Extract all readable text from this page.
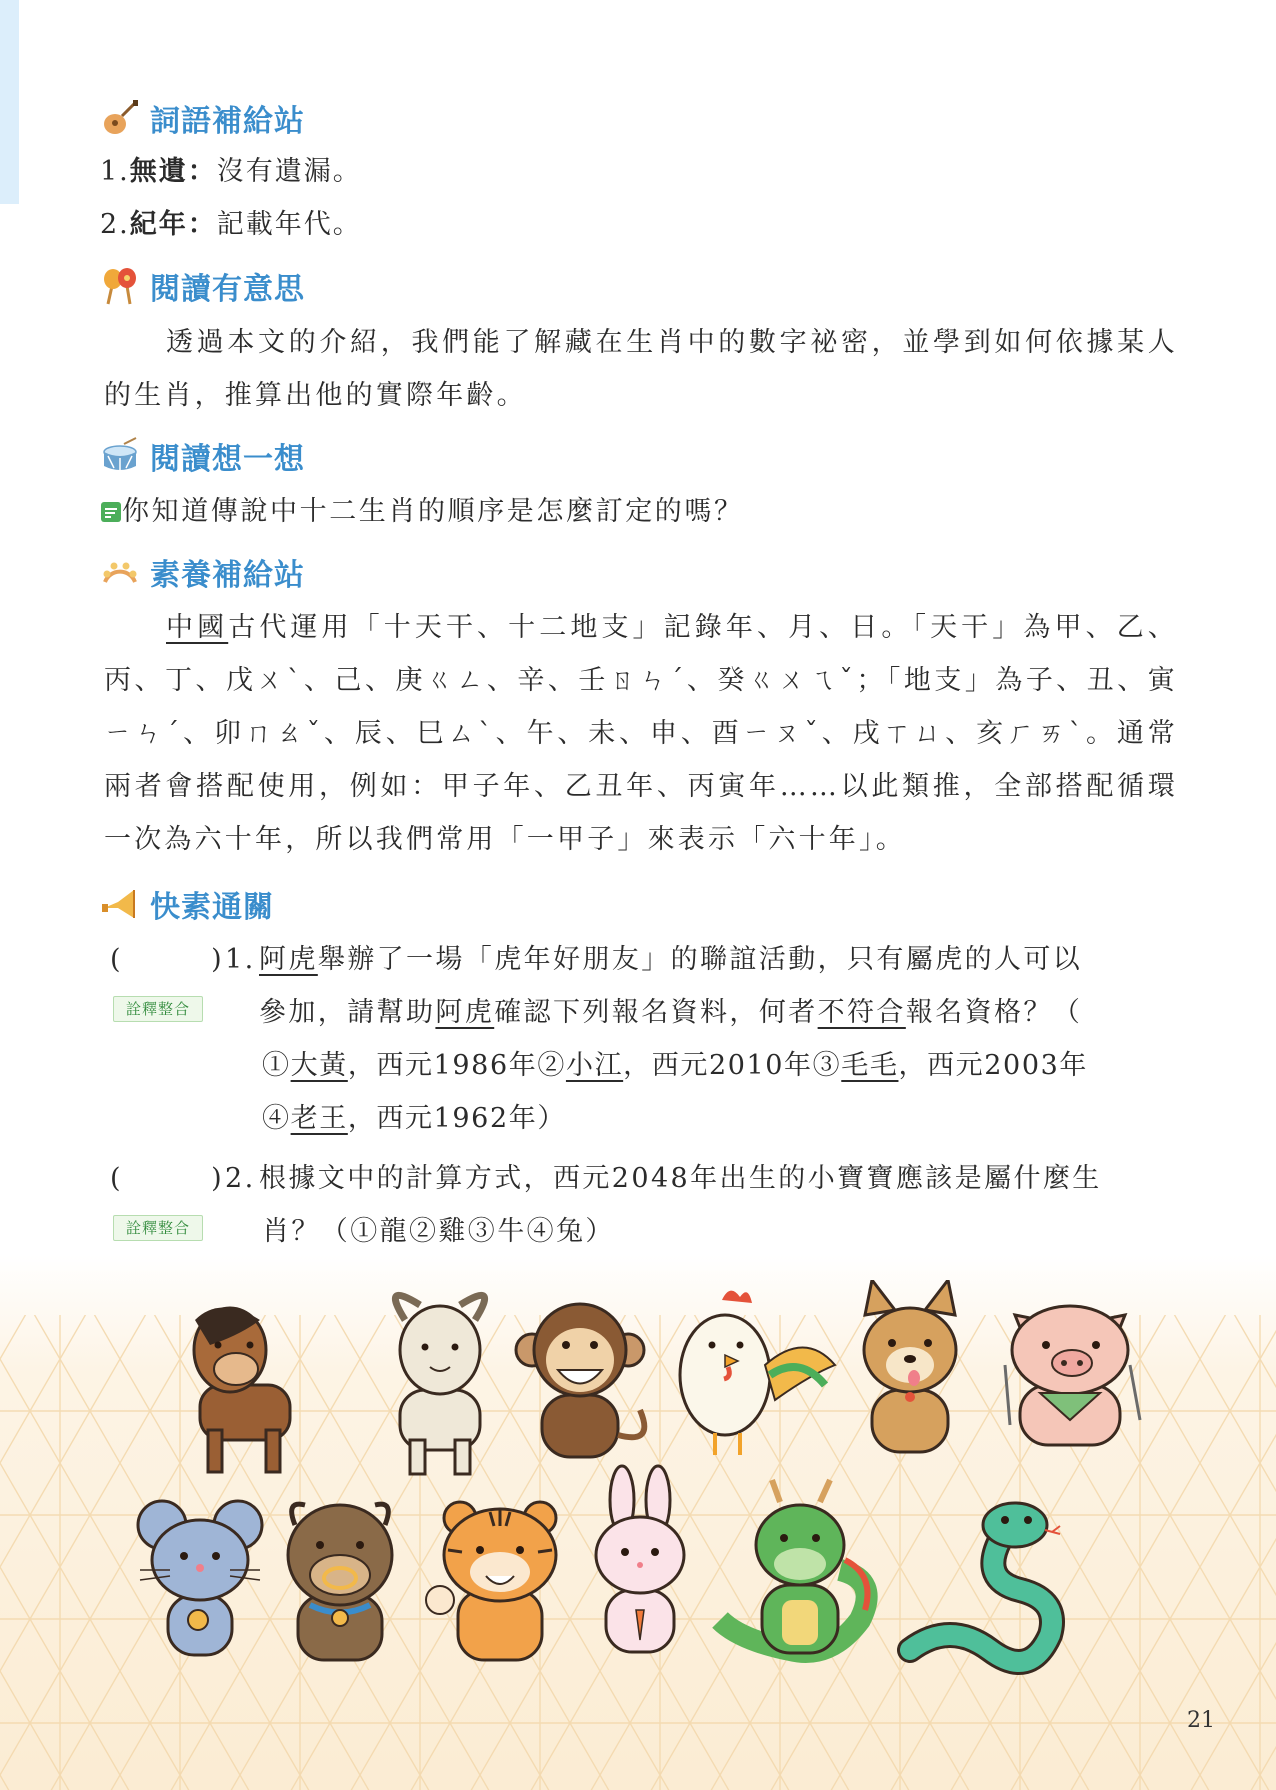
詞語補給站
1.無遺：沒有遺漏。
2.紀年：記載年代。
閱讀有意思

透過本文的介紹，我們能了解藏在生肖中的數字祕密，並學到如何依據某人的生肖，推算出他的實際年齡。

閱讀想一想
你知道傳說中十二生肖的順序是怎麼訂定的嗎？
素養補給站

中國古代運用「十天干、十二地支」記錄年、月、日。「天干」為甲、乙、丙、丁、戊ㄨˋ、己、庚ㄍㄥ、辛、壬ㄖㄣˊ、癸ㄍㄨㄟˇ；「地支」為子、丑、寅ㄧㄣˊ、卯ㄇㄠˇ、辰、巳ㄙˋ、午、未、申、酉ㄧㄡˇ、戌ㄒㄩ、亥ㄏㄞˋ。通常兩者會搭配使用，例如：甲子年、乙丑年、丙寅年……以此類推，全部搭配循環一次為六十年，所以我們常用「一甲子」來表示「六十年」。

快素通關
(　　　) 1.
詮釋整合

阿虎舉辦了一場「虎年好朋友」的聯誼活動，只有屬虎的人可以

參加，請幫助阿虎確認下列報名資料，何者不符合報名資格？（

①大黃，西元1986年②小江，西元2010年③毛毛，西元2003年

④老王，西元1962年）

(　　　) 2.
詮釋整合

根據文中的計算方式，西元2048年出生的小寶寶應該是屬什麼生

肖？（①龍②雞③牛④兔）

21
